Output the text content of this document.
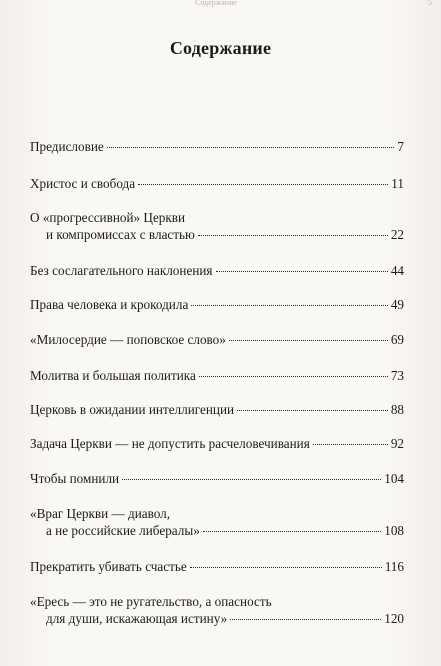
Содержание	5
Содержание
Предисловие	7
Христос и свобода	11
О «прогрессивной» Церкви
и компромиссах с властью	22
Без сослагательного наклонения	44
Права человека и крокодила	49
«Милосердие — поповское слово»	69
Молитва и большая политика	73
Церковь в ожидании интеллигенции	88
Задача Церкви — не допустить расчеловечивания	92
Чтобы помнили	104
«Враг Церкви — диавол,
а не российские либералы»	108
Прекратить убивать счастье	116
«Ересь — это не ругательство, а опасность
для души, искажающая истину»	120
